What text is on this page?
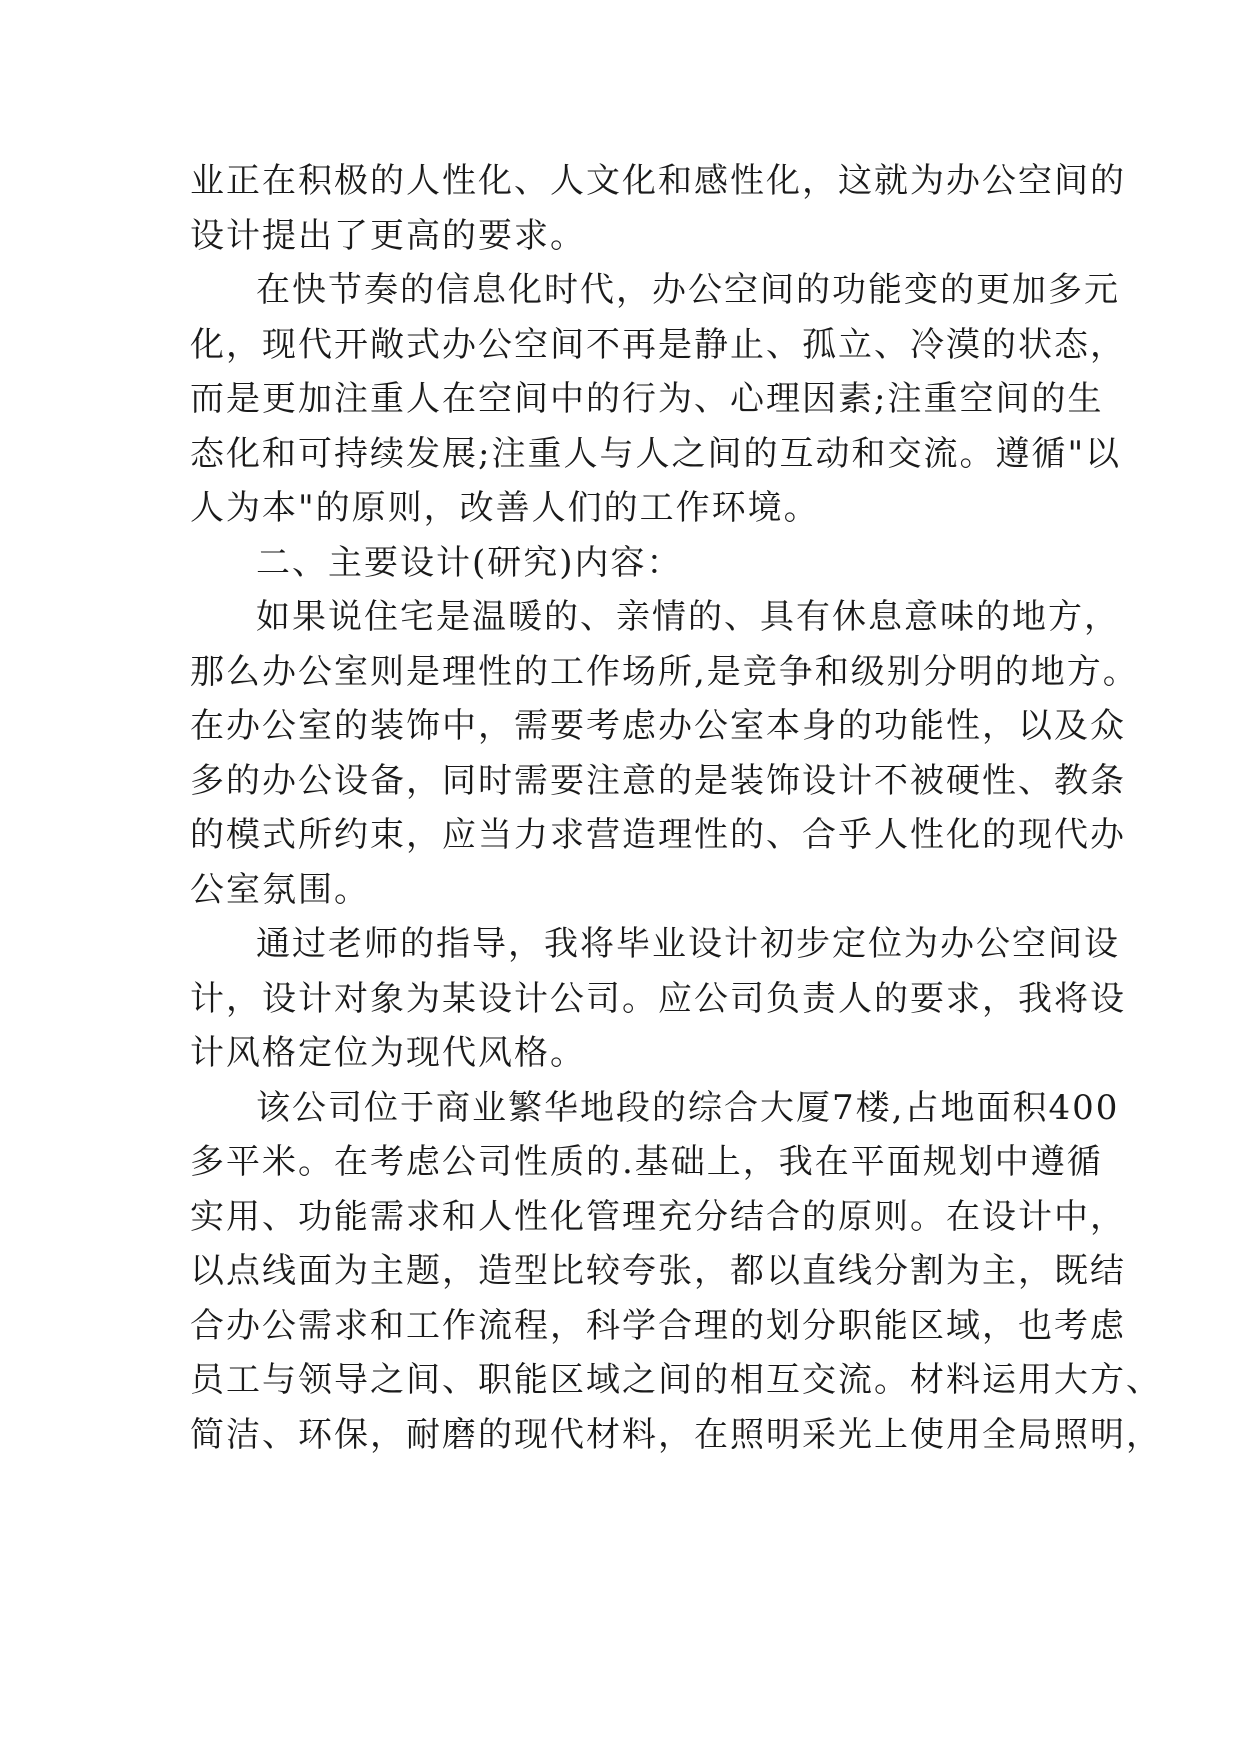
业正在积极的人性化、人文化和感性化，这就为办公空间的
设计提出了更高的要求。
在快节奏的信息化时代，办公空间的功能变的更加多元
化，现代开敞式办公空间不再是静止、孤立、冷漠的状态，
而是更加注重人在空间中的行为、心理因素;注重空间的生
态化和可持续发展;注重人与人之间的互动和交流。遵循"以
人为本"的原则，改善人们的工作环境。
二、主要设计(研究)内容：
如果说住宅是温暖的、亲情的、具有休息意味的地方，
那么办公室则是理性的工作场所,是竞争和级别分明的地方。
在办公室的装饰中，需要考虑办公室本身的功能性，以及众
多的办公设备，同时需要注意的是装饰设计不被硬性、教条
的模式所约束，应当力求营造理性的、合乎人性化的现代办
公室氛围。
通过老师的指导，我将毕业设计初步定位为办公空间设
计，设计对象为某设计公司。应公司负责人的要求，我将设
计风格定位为现代风格。
该公司位于商业繁华地段的综合大厦7楼,占地面积400
多平米。在考虑公司性质的.基础上，我在平面规划中遵循
实用、功能需求和人性化管理充分结合的原则。在设计中，
以点线面为主题，造型比较夸张，都以直线分割为主，既结
合办公需求和工作流程，科学合理的划分职能区域，也考虑
员工与领导之间、职能区域之间的相互交流。材料运用大方、
简洁、环保，耐磨的现代材料，在照明采光上使用全局照明，
